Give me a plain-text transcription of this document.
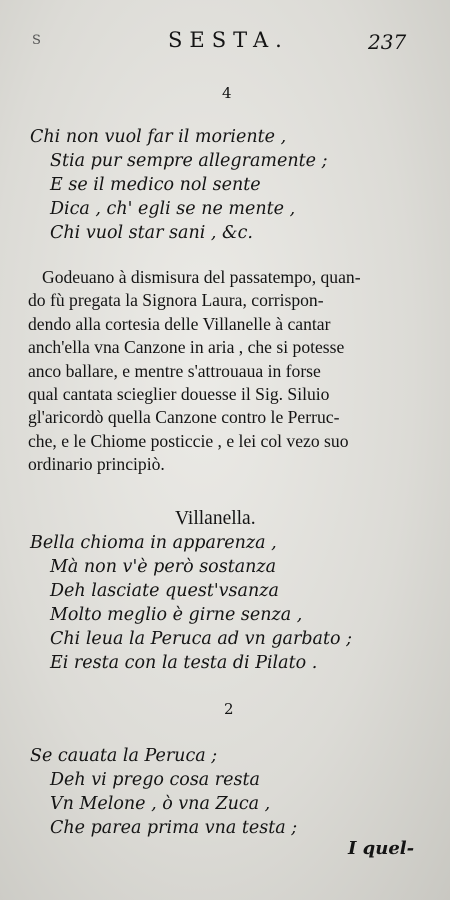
S	SESTA.	237
4
Chi non vuol far il moriente ,
Stia pur sempre allegramente ;
E se il medico nol sente
Dica , ch' egli se ne mente ,
Chi vuol star sani , &c.
Godeuano à dismisura del passatempo, quan-
do fù pregata la Signora Laura, corrispon-
dendo alla cortesia delle Villanelle à cantar
anch'ella vna Canzone in aria , che si potesse
anco ballare, e mentre s'attrouaua in forse
qual cantata scieglier douesse il Sig. Siluio
gl'aricordò quella Canzone contro le Perruc-
che, e le Chiome posticcie , e lei col vezo suo
ordinario principiò.
Villanella.
Bella chioma in apparenza ,
Mà non v'è però sostanza
Deh lasciate quest'vsanza
Molto meglio è girne senza ,
Chi leua la Peruca ad vn garbato ;
Ei resta con la testa di Pilato .
2
Se cauata la Peruca ;
Deh vi prego cosa resta
Vn Melone , ò vna Zuca ,
Che parea prima vna testa ;
I quel-
